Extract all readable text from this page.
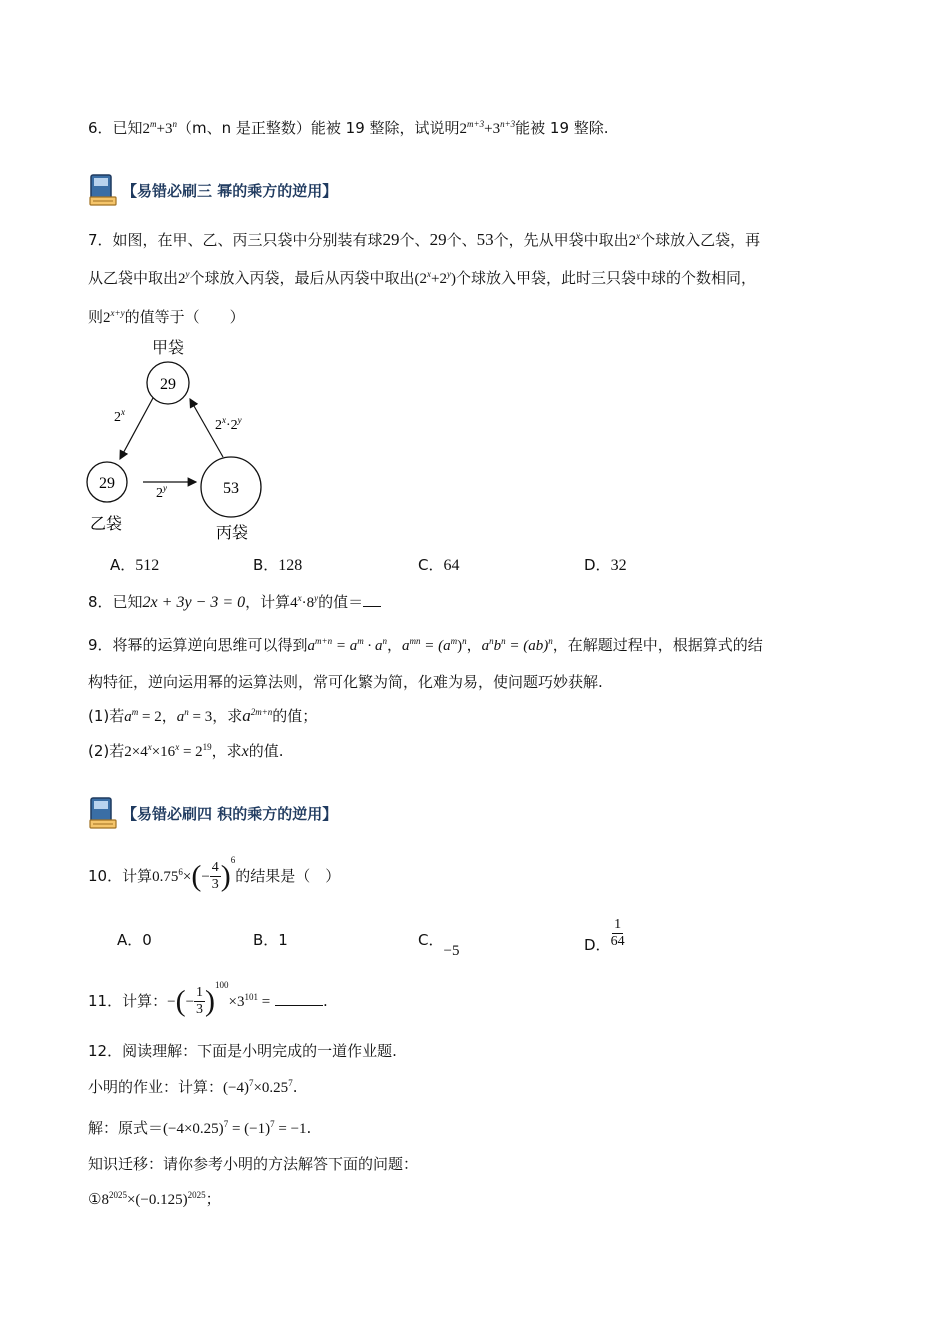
6．已知$2^m+3^n(m$、n 是正整数）能被 19 整除，试说明$2^{m+3}+3^{n+3}$能被 19 整除.
【易错必刷三 幂的乘方的逆用】
7．如图，在甲、乙、丙三只袋中分别装有球29个、29个、53个，先从甲袋中取出2$^x$个球放入乙袋，再
从乙袋中取出2$^y$个球放入丙袋，最后从丙袋中取出$(2^x+2^y)$个球放入甲袋，此时三只袋中球的个数相同，
则$2^{x+y}$的值等于（　　）
甲袋
29
29
乙袋
53
丙袋
2$^x$
2$^y$
$2^x\cdot 2^y$
A．512	B．128	C．64	D．32
8．已知2x + 3y − 3 = 0，计算$4^x\cdot 8^y$的值＝
9．将幂的运算逆向思维可以得到$a^{m+n} = a^m \cdot a^n$，$a^{mn} = (a^m)^n$，$a^nb^n = (ab)^n$，在解题过程中，根据算式的结
构特征，逆向运用幂的运算法则，常可化繁为简，化难为易，使问题巧妙获解.
(1)若$a^m = 2$，$a^n = 3$，求$a^{2m+n}$的值；
(2)若$2\times 4^x\times 16^x = 2^{19}$，求x的值.
【易错必刷四 积的乘方的逆用】
10．计算$0.75^6\times(- \frac{4}{3} )^6$的结果是（　）
A．0	B．1	C．−5	D． $\frac{1}{64}$
11．计算：−(− $\frac{1}{3} )^{100}\times 3^{101}$ =	.
12．阅读理解：下面是小明完成的一道作业题.
小明的作业：计算：$(-4)^7\times 0.25^7$.
解：原式$=(-4\times 0.25)^7 = (-1)^7 = -1$.
知识迁移：请你参考小明的方法解答下面的问题：
$①8^{2025}\times(-0.125)^{2025}$；
